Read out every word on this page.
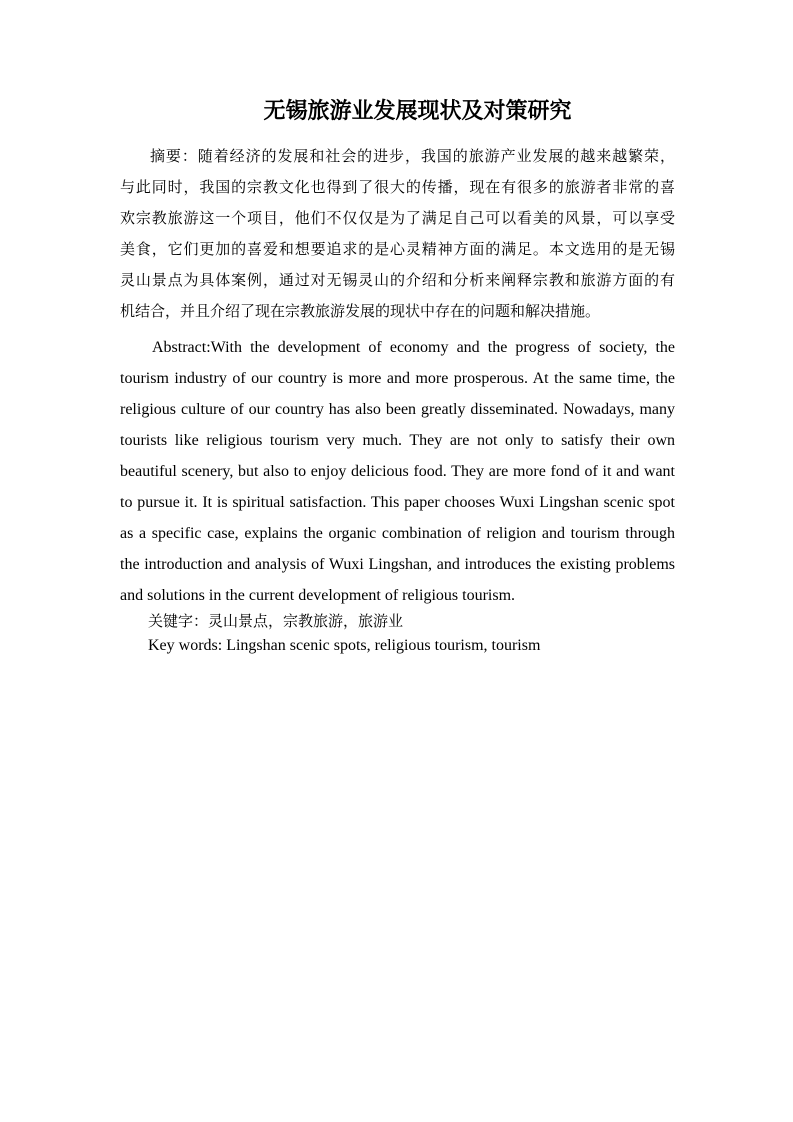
无锡旅游业发展现状及对策研究
摘要：随着经济的发展和社会的进步，我国的旅游产业发展的越来越繁荣，
与此同时，我国的宗教文化也得到了很大的传播，现在有很多的旅游者非常的喜
欢宗教旅游这一个项目，他们不仅仅是为了满足自己可以看美的风景，可以享受
美食，它们更加的喜爱和想要追求的是心灵精神方面的满足。本文选用的是无锡
灵山景点为具体案例，通过对无锡灵山的介绍和分析来阐释宗教和旅游方面的有
机结合，并且介绍了现在宗教旅游发展的现状中存在的问题和解决措施。
Abstract:With the development of economy and the progress of society, the
tourism industry of our country is more and more prosperous. At the same time, the
religious culture of our country has also been greatly disseminated. Nowadays, many
tourists like religious tourism very much. They are not only to satisfy their own
beautiful scenery, but also to enjoy delicious food. They are more fond of it and want
to pursue it. It is spiritual satisfaction. This paper chooses Wuxi Lingshan scenic spot
as a specific case, explains the organic combination of religion and tourism through
the introduction and analysis of Wuxi Lingshan, and introduces the existing problems
and solutions in the current development of religious tourism.
关键字：灵山景点，宗教旅游，旅游业
Key words: Lingshan scenic spots, religious tourism, tourism
